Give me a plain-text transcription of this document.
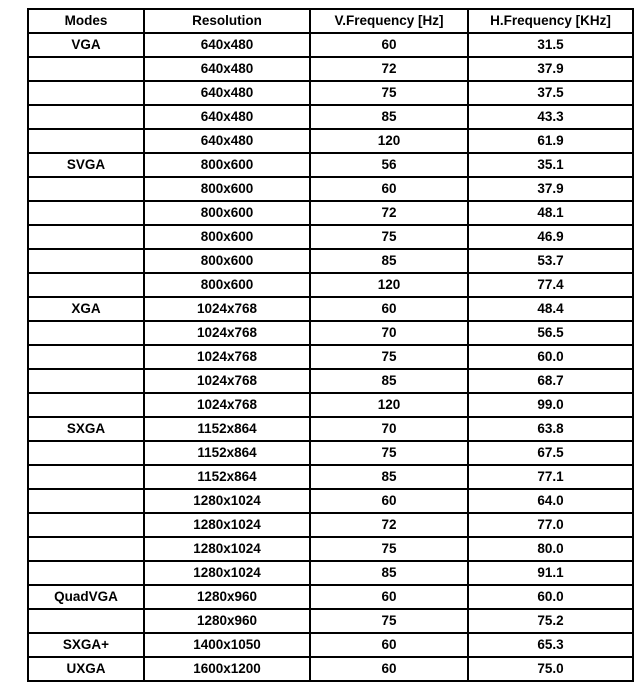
Modes	Resolution	V.Frequency [Hz]	H.Frequency [KHz]
VGA	640x480	60	31.5
	640x480	72	37.9
	640x480	75	37.5
	640x480	85	43.3
	640x480	120	61.9
SVGA	800x600	56	35.1
	800x600	60	37.9
	800x600	72	48.1
	800x600	75	46.9
	800x600	85	53.7
	800x600	120	77.4
XGA	1024x768	60	48.4
	1024x768	70	56.5
	1024x768	75	60.0
	1024x768	85	68.7
	1024x768	120	99.0
SXGA	1152x864	70	63.8
	1152x864	75	67.5
	1152x864	85	77.1
	1280x1024	60	64.0
	1280x1024	72	77.0
	1280x1024	75	80.0
	1280x1024	85	91.1
QuadVGA	1280x960	60	60.0
	1280x960	75	75.2
SXGA+	1400x1050	60	65.3
UXGA	1600x1200	60	75.0
